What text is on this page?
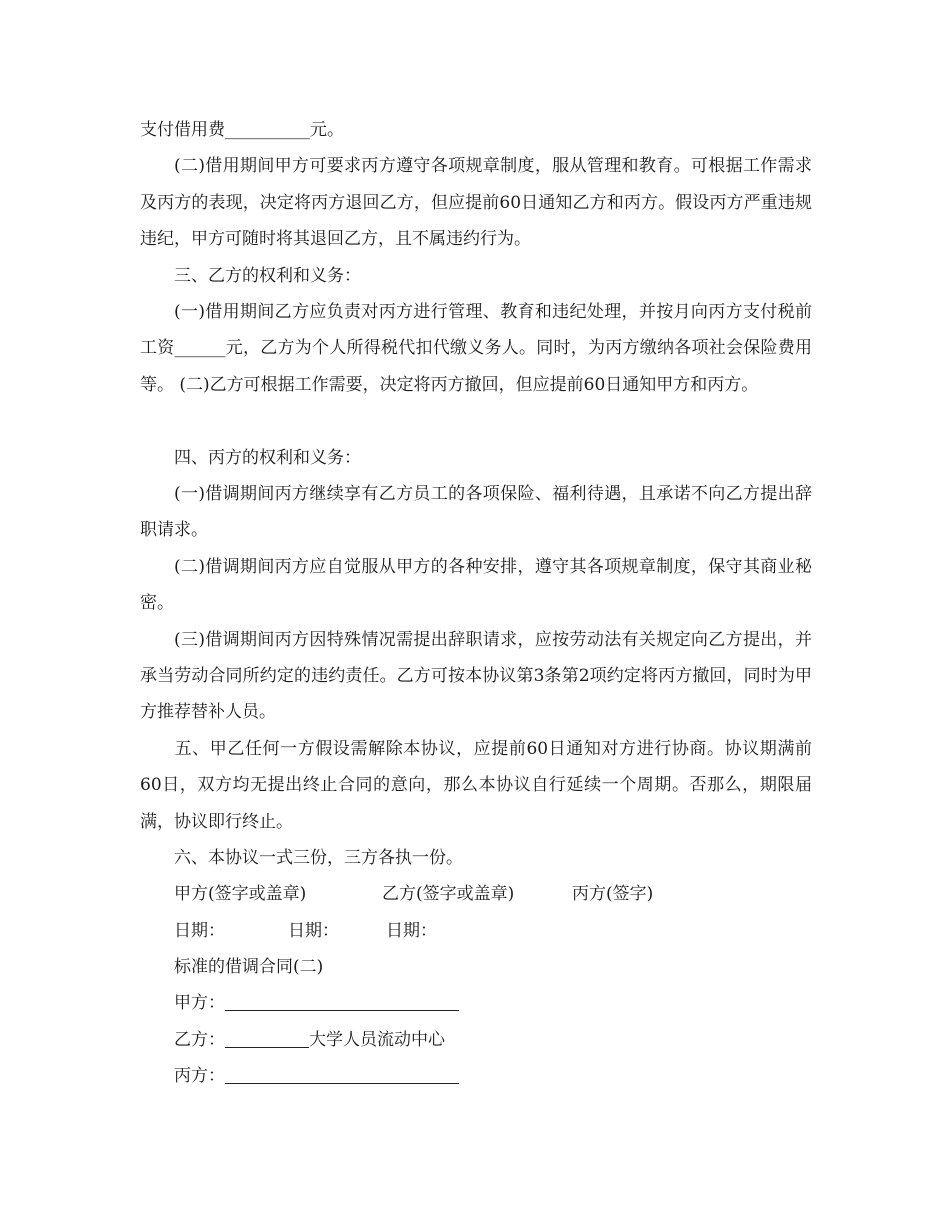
支付借用费__________元。
(二)借用期间甲方可要求丙方遵守各项规章制度，服从管理和教育。可根据工作需求及丙方的表现，决定将丙方退回乙方，但应提前60日通知乙方和丙方。假设丙方严重违规违纪，甲方可随时将其退回乙方，且不属违约行为。
三、乙方的权利和义务：
(一)借用期间乙方应负责对丙方进行管理、教育和违纪处理，并按月向丙方支付税前工资______元，乙方为个人所得税代扣代缴义务人。同时，为丙方缴纳各项社会保险费用等。 (二)乙方可根据工作需要，决定将丙方撤回，但应提前60日通知甲方和丙方。
四、丙方的权利和义务：
(一)借调期间丙方继续享有乙方员工的各项保险、福利待遇，且承诺不向乙方提出辞职请求。
(二)借调期间丙方应自觉服从甲方的各种安排，遵守其各项规章制度，保守其商业秘密。
(三)借调期间丙方因特殊情况需提出辞职请求，应按劳动法有关规定向乙方提出，并承当劳动合同所约定的违约责任。乙方可按本协议第3条第2项约定将丙方撤回，同时为甲方推荐替补人员。
五、甲乙任何一方假设需解除本协议，应提前60日通知对方进行协商。协议期满前60日，双方均无提出终止合同的意向，那么本协议自行延续一个周期。否那么，期限届满，协议即行终止。
六、本协议一式三份，三方各执一份。
甲方(签字或盖章)	乙方(签字或盖章)	丙方(签字)
日期：	日期：	日期：
标准的借调合同(二)
甲方：
乙方：	大学人员流动中心
丙方：
